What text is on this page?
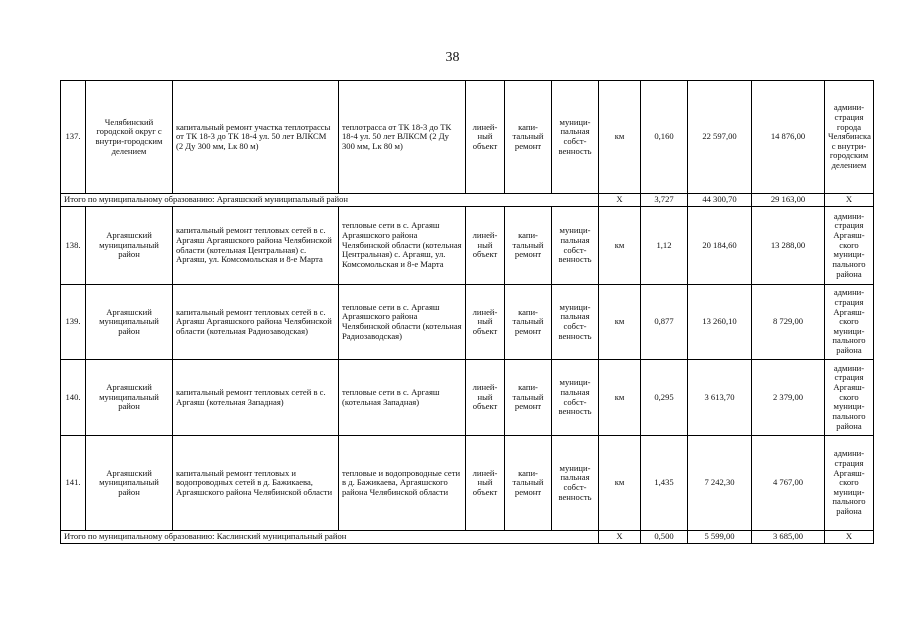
38
137.	Челябинский городской округ с внутри-городским делением	капитальный ремонт участка теплотрассы от ТК 18-3 до ТК 18-4 ул. 50 лет ВЛКСМ (2 Ду 300 мм, Lк 80 м)	теплотрасса от ТК 18-3 до ТК 18-4 ул. 50 лет ВЛКСМ (2 Ду 300 мм, Lк 80 м)	линей-ный объект	капи-тальный ремонт	муници-пальная собст-венность	км	0,160	22 597,00	14 876,00	админи-страция города Челябинска с внутри-городским делением
Итого по муниципальному образованию: Аргаяшский муниципальный район							X	3,727	44 300,70	29 163,00	X
138.	Аргаяшский муниципальный район	капитальный ремонт тепловых сетей в с. Аргаяш Аргаяшского района Челябинской области (котельная Центральная) с. Аргаяш, ул. Комсомольская и 8-е Марта	тепловые сети в с. Аргаяш Аргаяшского района Челябинской области (котельная Центральная) с. Аргаяш, ул. Комсомольская и 8-е Марта	линей-ный объект	капи-тальный ремонт	муници-пальная собст-венность	км	1,12	20 184,60	13 288,00	админи-страция Аргаяш-ского муници-пального района
139.	Аргаяшский муниципальный район	капитальный ремонт тепловых сетей в с. Аргаяш Аргаяшского района Челябинской области (котельная Радиозаводская)	тепловые сети в с. Аргаяш Аргаяшского района Челябинской области (котельная Радиозаводская)	линей-ный объект	капи-тальный ремонт	муници-пальная собст-венность	км	0,877	13 260,10	8 729,00	админи-страция Аргаяш-ского муници-пального района
140.	Аргаяшский муниципальный район	капитальный ремонт тепловых сетей в с. Аргаяш (котельная Западная)	тепловые сети в с. Аргаяш (котельная Западная)	линей-ный объект	капи-тальный ремонт	муници-пальная собст-венность	км	0,295	3 613,70	2 379,00	админи-страция Аргаяш-ского муници-пального района
141.	Аргаяшский муниципальный район	капитальный ремонт тепловых и водопроводных сетей в д. Бажикаева, Аргаяшского района Челябинской области	тепловые и водопроводные сети в д. Бажикаева, Аргаяшского района Челябинской области	линей-ный объект	капи-тальный ремонт	муници-пальная собст-венность	км	1,435	7 242,30	4 767,00	админи-страция Аргаяш-ского муници-пального района
Итого по муниципальному образованию: Каслинский муниципальный район							X	0,500	5 599,00	3 685,00	X
